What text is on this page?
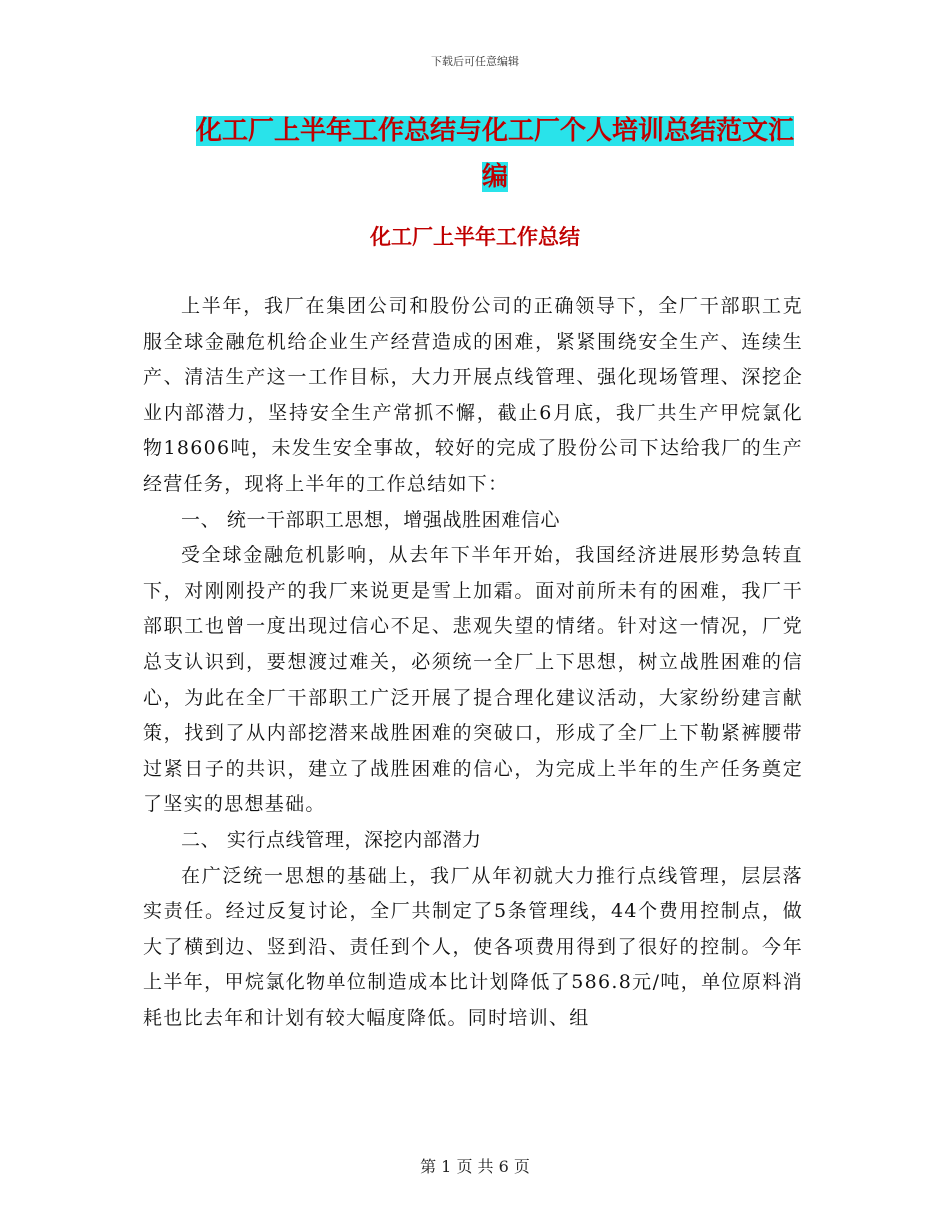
下载后可任意编辑
化工厂上半年工作总结与化工厂个人培训总结范文汇
编
化工厂上半年工作总结

上半年，我厂在集团公司和股份公司的正确领导下，全厂干部职工克服全球金融危机给企业生产经营造成的困难，紧紧围绕安全生产、连续生产、清洁生产这一工作目标，大力开展点线管理、强化现场管理、深挖企业内部潜力，坚持安全生产常抓不懈，截止6月底，我厂共生产甲烷氯化物18606吨，未发生安全事故，较好的完成了股份公司下达给我厂的生产经营任务，现将上半年的工作总结如下：

一、 统一干部职工思想，增强战胜困难信心

受全球金融危机影响，从去年下半年开始，我国经济进展形势急转直下，对刚刚投产的我厂来说更是雪上加霜。面对前所未有的困难，我厂干部职工也曾一度出现过信心不足、悲观失望的情绪。针对这一情况，厂党总支认识到，要想渡过难关，必须统一全厂上下思想，树立战胜困难的信心，为此在全厂干部职工广泛开展了提合理化建议活动，大家纷纷建言献策，找到了从内部挖潜来战胜困难的突破口，形成了全厂上下勒紧裤腰带过紧日子的共识，建立了战胜困难的信心，为完成上半年的生产任务奠定了坚实的思想基础。

二、 实行点线管理，深挖内部潜力

在广泛统一思想的基础上，我厂从年初就大力推行点线管理，层层落实责任。经过反复讨论，全厂共制定了5条管理线，44个费用控制点，做大了横到边、竖到沿、责任到个人，使各项费用得到了很好的控制。今年上半年，甲烷氯化物单位制造成本比计划降低了586.8元/吨，单位原料消耗也比去年和计划有较大幅度降低。同时培训、组

第 1 页 共 6 页
